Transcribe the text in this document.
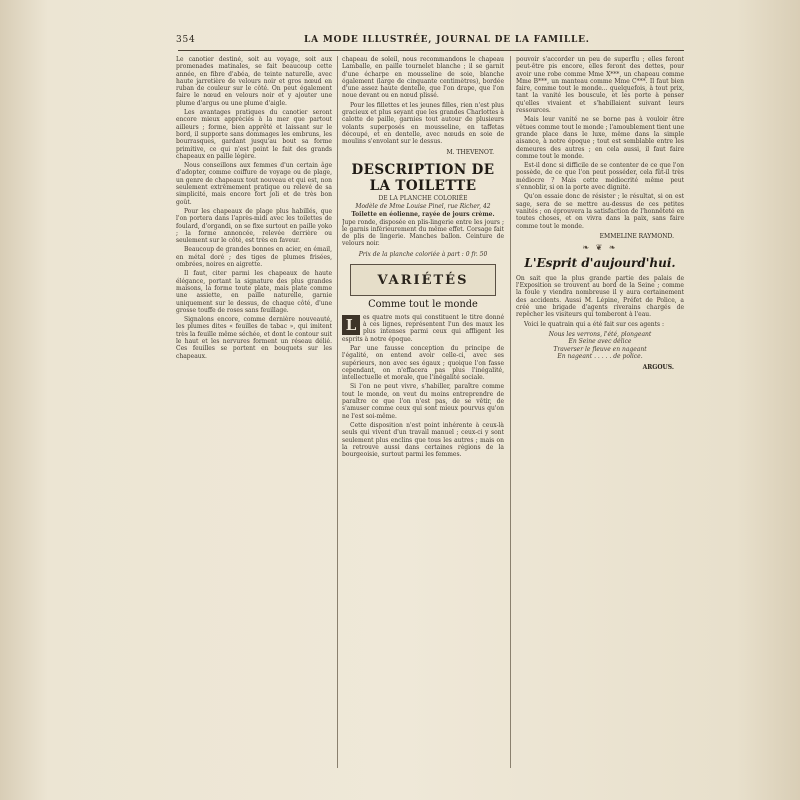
354	LA MODE ILLUSTRÉE, JOURNAL DE LA FAMILLE.

Le canotier destiné, soit au voyage, soit aux promenades matinales, se fait beaucoup cette année, en fibre d'abéa, de teinte naturelle, avec haute jarretière de velours noir et gros nœud en ruban de couleur sur le côté. On peut également faire le nœud en velours noir et y ajouter une plume d'argus ou une plume d'aigle.

Les avantages pratiques du canotier seront encore mieux appréciés à la mer que partout ailleurs ; forme, bien apprêté et laissant sur le bord, il supporte sans dommages les embruns, les bourrasques, gardant jusqu'au bout sa forme primitive, ce qui n'est point le fait des grands chapeaux en paille légère.

Nous conseillons aux femmes d'un certain âge d'adopter, comme coiffure de voyage ou de plage, un genre de chapeaux tout nouveau et qui est, non seulement extrêmement pratique ou relevé de sa simplicité, mais encore fort joli et de très bon goût.

Pour les chapeaux de plage plus habillés, que l'on portera dans l'après-midi avec les toilettes de foulard, d'organdi, on se fixe surtout en paille yoko ; la forme annoncée, relevée derrière ou seulement sur le côté, est très en faveur.

Beaucoup de grandes bonnes en acier, en émail, en métal doré ; des tiges de plumes frisées, ombrées, noires en aigrette.

Il faut, citer parmi les chapeaux de haute élégance, portant la signature des plus grandes maisons, la forme toute plate, mais plate comme une assiette, en paille naturelle, garnie uniquement sur le dessus, de chaque côté, d'une grosse touffe de roses sans feuillage.

Signalons encore, comme dernière nouveauté, les plumes dites « feuilles de tabac », qui imitent très la feuille même séchée, et dont le contour suit le haut et les nervures forment un réseau délié. Ces feuilles se portent en bouquets sur les chapeaux.

chapeau de soleil, nous recommandons le chapeau Lamballe, en paille tournelet blanche ; il se garnit d'une écharpe en mousseline de soie, blanche également (large de cinquante centimètres), bordée d'une assez haute dentelle, que l'on drape, que l'on noue devant ou en nœud plissé.

Pour les fillettes et les jeunes filles, rien n'est plus gracieux et plus seyant que les grandes Charlottes à calotte de paille, garnies tout autour de plusieurs volants superposés en mousseline, en taffetas découpé, et en dentelle, avec nœuds en soie de moulins s'envolant sur le dessus.

M. THEVENOT.
DESCRIPTION DE LA TOILETTE
DE LA PLANCHE COLORIÉE
Modèle de Mme Louise Pinel, rue Richer, 42
Toilette en éolienne, rayée de jours crème.

Jupe ronde, disposée en plis-lingerie entre les jours ; le garnis inférieurement du même effet. Corsage fait de plis de lingerie. Manches ballon. Ceinture de velours noir.

Prix de la planche coloriée à part : 0 fr. 50
VARIÉTÉS
Comme tout le monde

L	es quatre mots qui constituent le titre donné à ces lignes, représentent l'un des maux les plus intenses parmi ceux qui affligent les esprits à notre époque.

Par une fausse conception du principe de l'égalité, on entend avoir celle-ci, avec ses supérieurs, non avec ses égaux ; quoique l'on fasse cependant, on n'effacera pas plus l'inégalité, intellectuelle et morale, que l'inégalité sociale.

Si l'on ne peut vivre, s'habiller, paraître comme tout le monde, on veut du moins entreprendre de paraître ce que l'on n'est pas, de se vêtir, de s'amuser comme ceux qui sont mieux pourvus qu'on ne l'est soi-même.

Cette disposition n'est point inhérente à ceux-là seuls qui vivent d'un travail manuel ; ceux-ci y sont seulement plus enclins que tous les autres ; mais on la retrouve aussi dans certaines régions de la bourgeoisie, surtout parmi les femmes.

pouvoir s'accorder un peu de superflu ; elles feront peut-être pis encore, elles feront des dettes, pour avoir une robe comme Mme X***, un chapeau comme Mme B***, un manteau comme Mme C***. Il faut bien faire, comme tout le monde... quelquefois, à tout prix, tant la vanité les bouscule, et les porte à penser qu'elles vivaient et s'habillaient suivant leurs ressources.

Mais leur vanité ne se borne pas à vouloir être vêtues comme tout le monde ; l'amoublement tient une grande place dans le luxe, même dans la simple aisance, à notre époque ; tout est semblable entre les demeures des autres ; en cela aussi, il faut faire comme tout le monde.

Est-il donc si difficile de se contenter de ce que l'on possède, de ce que l'on peut posséder, cela fût-il très médiocre ? Mais cette médiocrité même peut s'ennoblir, si on la porte avec dignité.

Qu'on essaie donc de résister ; le résultat, si on est sage, sera de se mettre au-dessus de ces petites vanités ; on éprouvera la satisfaction de l'honnêteté en toutes choses, et on vivra dans la paix, sans faire comme tout le monde.

EMMELINE RAYMOND.
❧ ❦ ❧
L'Esprit d'aujourd'hui.

On sait que la plus grande partie des palais de l'Exposition se trouvent au bord de la Seine ; comme la foule y viendra nombreuse il y aura certainement des accidents. Aussi M. Lépine, Préfet de Police, a créé une brigade d'agents riverains chargés de repêcher les visiteurs qui tomberont à l'eau.

Voici le quatrain qui a été fait sur ces agents :

Nous les verrons, l'été, plongeant
En Seine avec délice
Traverser le fleuve en nageant
En nageant . . . . . de police.
ARGOUS.
